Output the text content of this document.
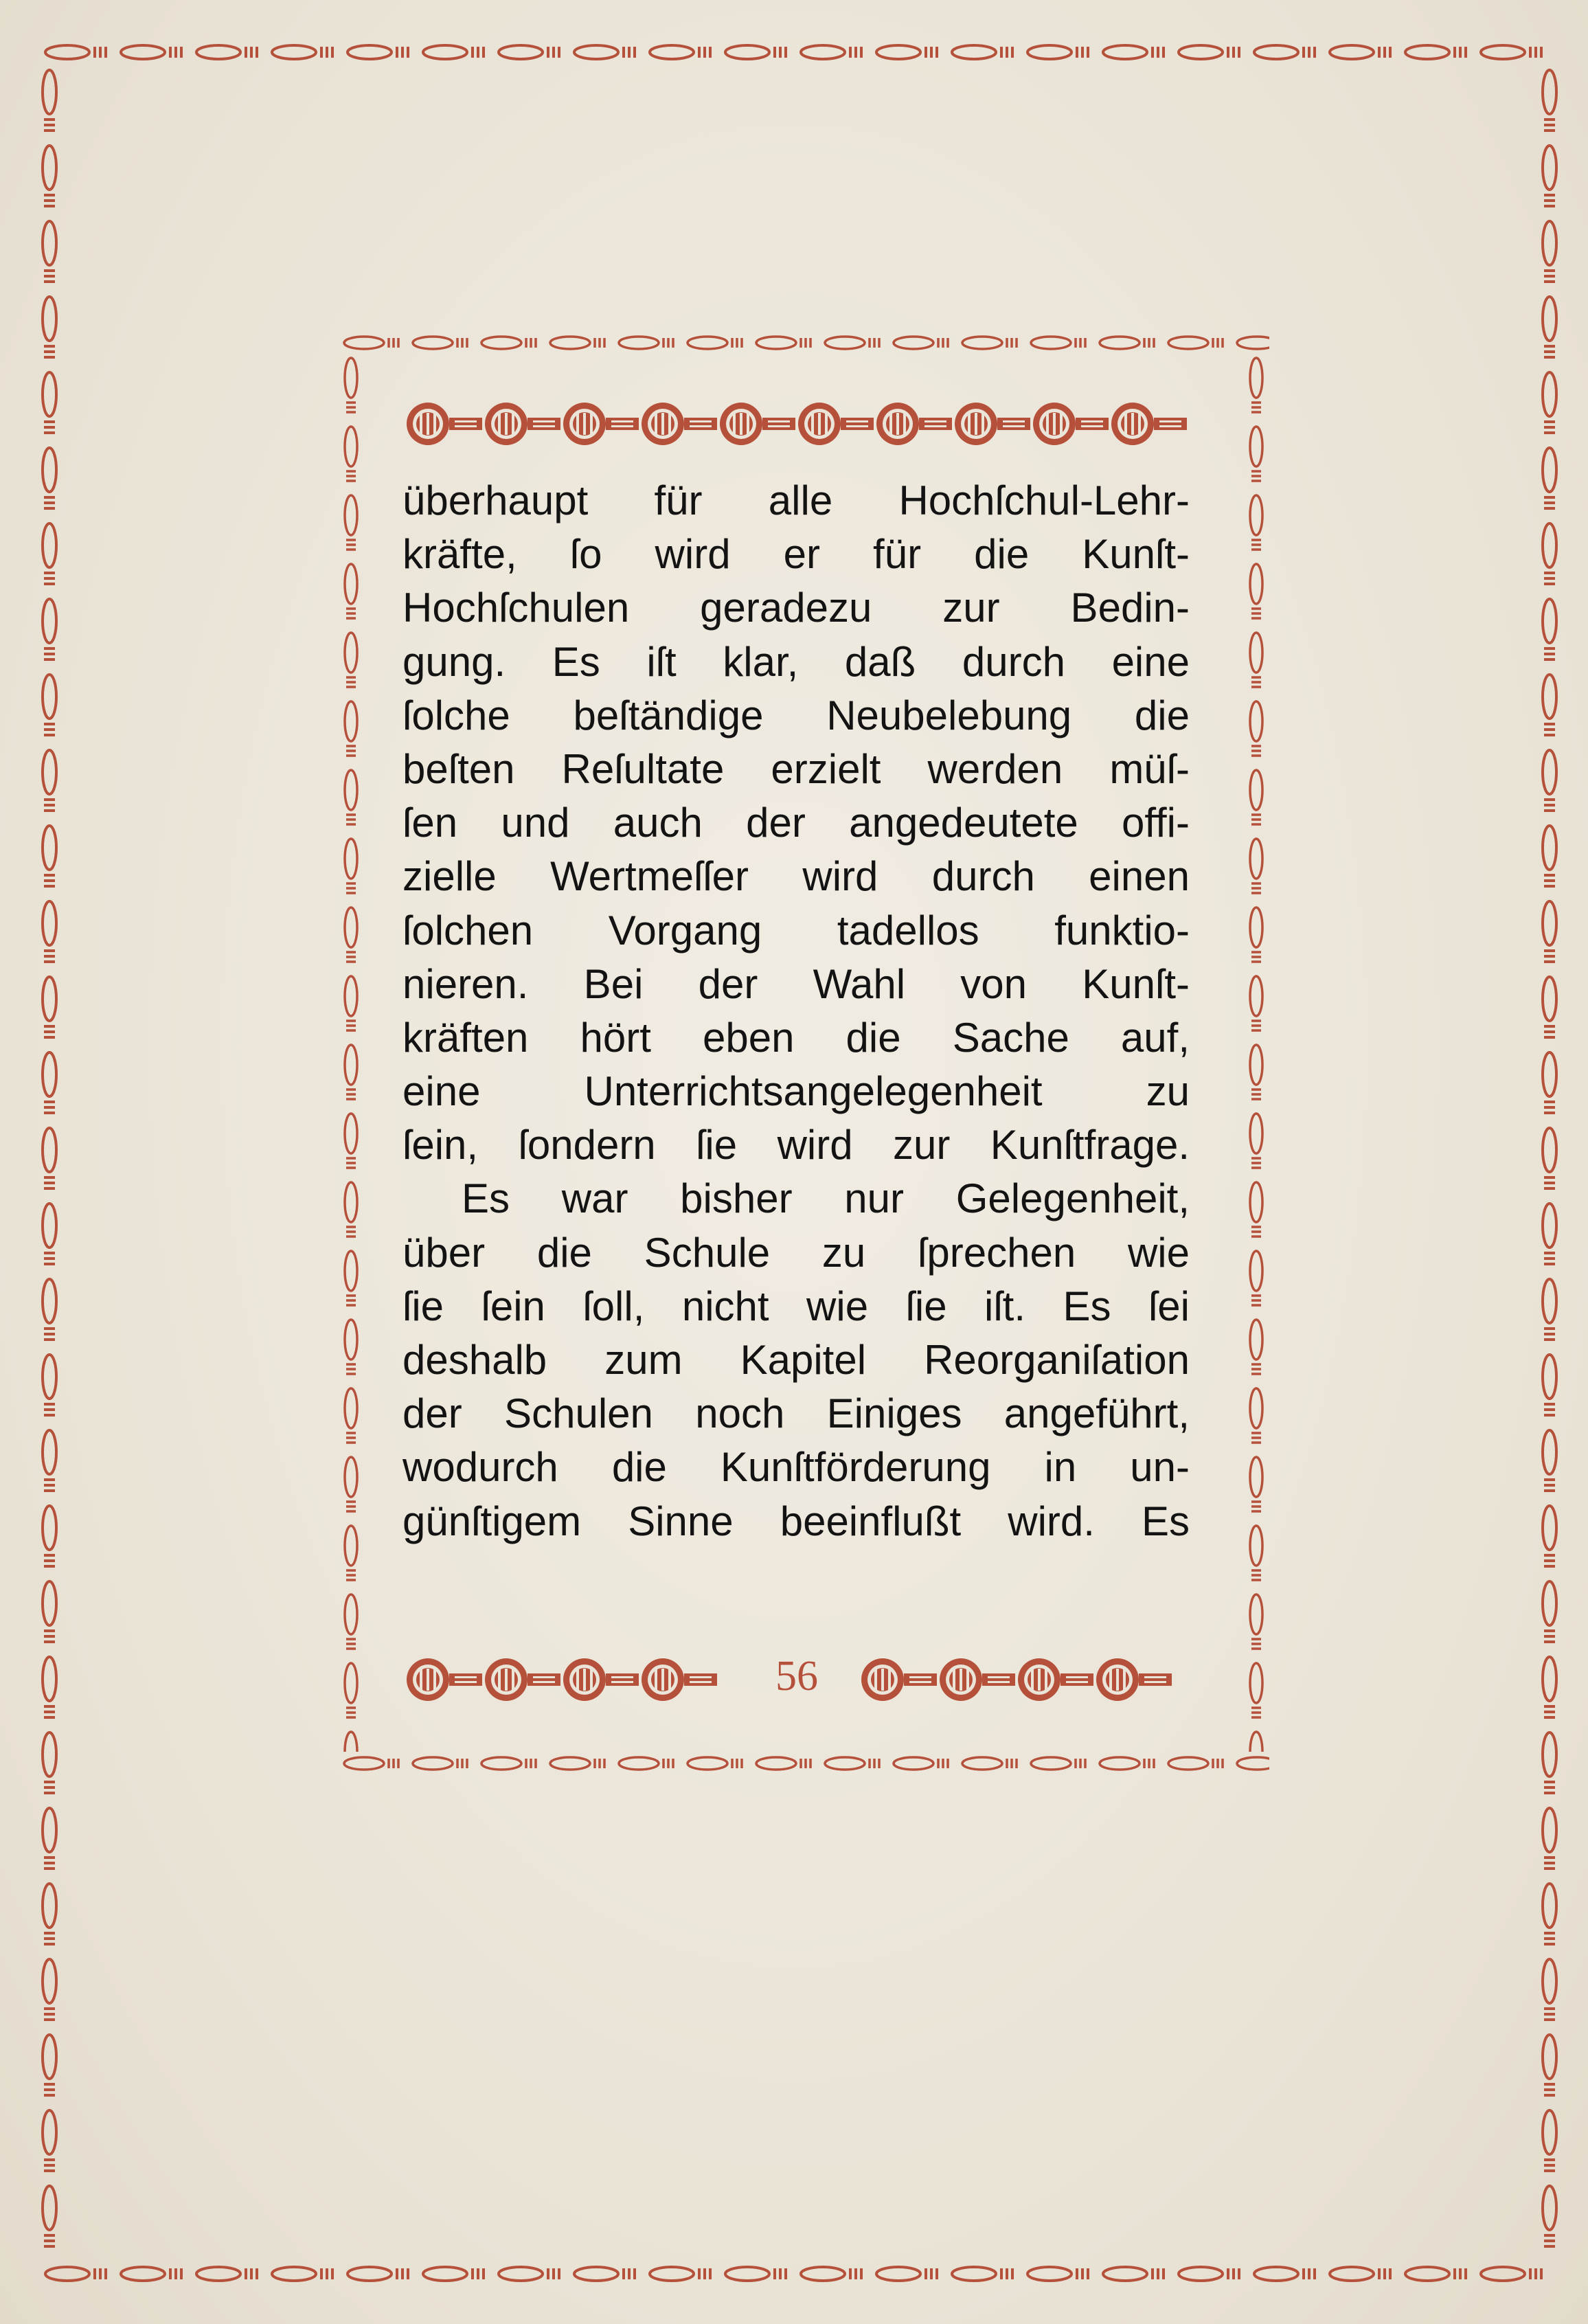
überhaupt für alle Hochſchul-Lehr-
kräfte, ſo wird er für die Kunſt-
Hochſchulen geradezu zur Bedin-
gung. Es iſt klar, daß durch eine
ſolche beſtändige Neubelebung die
beſten Reſultate erzielt werden müſ-
ſen und auch der angedeutete offi-
zielle Wertmeſſer wird durch einen
ſolchen Vorgang tadellos funktio-
nieren. Bei der Wahl von Kunſt-
kräften hört eben die Sache auf,
eine Unterrichtsangelegenheit zu
ſein, ſondern ſie wird zur Kunſtfrage.
Es war bisher nur Gelegenheit,
über die Schule zu ſprechen wie
ſie ſein ſoll, nicht wie ſie iſt. Es ſei
deshalb zum Kapitel Reorganiſation
der Schulen noch Einiges angeführt,
wodurch die Kunſtförderung in un-
günſtigem Sinne beeinflußt wird. Es
56
